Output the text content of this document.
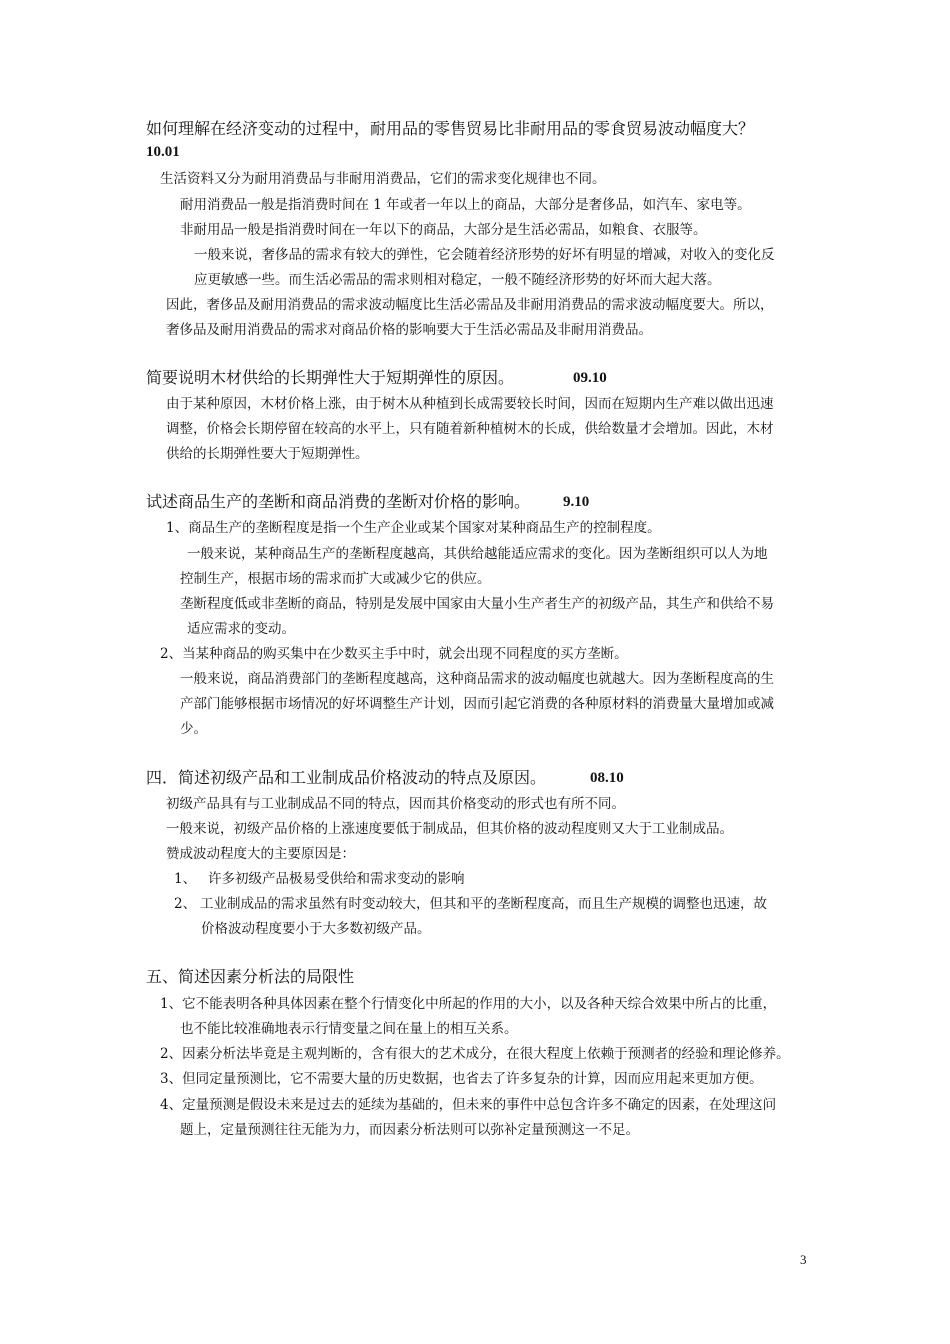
如何理解在经济变动的过程中，耐用品的零售贸易比非耐用品的零食贸易波动幅度大？
10.01
生活资料又分为耐用消费品与非耐用消费品，它们的需求变化规律也不同。
耐用消费品一般是指消费时间在 1 年或者一年以上的商品，大部分是奢侈品，如汽车、家电等。
非耐用品一般是指消费时间在一年以下的商品，大部分是生活必需品，如粮食、衣服等。
一般来说，奢侈品的需求有较大的弹性，它会随着经济形势的好坏有明显的增减，对收入的变化反
应更敏感一些。而生活必需品的需求则相对稳定，一般不随经济形势的好坏而大起大落。
因此，奢侈品及耐用消费品的需求波动幅度比生活必需品及非耐用消费品的需求波动幅度要大。所以，
奢侈品及耐用消费品的需求对商品价格的影响要大于生活必需品及非耐用消费品。
简要说明木材供给的长期弹性大于短期弹性的原因。	09.10
由于某种原因，木材价格上涨，由于树木从种植到长成需要较长时间，因而在短期内生产难以做出迅速
调整，价格会长期停留在较高的水平上，只有随着新种植树木的长成，供给数量才会增加。因此，木材
供给的长期弹性要大于短期弹性。
试述商品生产的垄断和商品消费的垄断对价格的影响。 9.10
1、商品生产的垄断程度是指一个生产企业或某个国家对某种商品生产的控制程度。
一般来说，某种商品生产的垄断程度越高，其供给越能适应需求的变化。因为垄断组织可以人为地
控制生产，根据市场的需求而扩大或减少它的供应。
垄断程度低或非垄断的商品，特别是发展中国家由大量小生产者生产的初级产品，其生产和供给不易
适应需求的变动。
2、当某种商品的购买集中在少数买主手中时，就会出现不同程度的买方垄断。
一般来说，商品消费部门的垄断程度越高，这种商品需求的波动幅度也就越大。因为垄断程度高的生
产部门能够根据市场情况的好坏调整生产计划，因而引起它消费的各种原材料的消费量大量增加或减
少。
四．简述初级产品和工业制成品价格波动的特点及原因。	08.10
初级产品具有与工业制成品不同的特点，因而其价格变动的形式也有所不同。
一般来说，初级产品价格的上涨速度要低于制成品，但其价格的波动程度则又大于工业制成品。
赞成波动程度大的主要原因是：
1、 许多初级产品极易受供给和需求变动的影响
2、 工业制成品的需求虽然有时变动较大，但其和平的垄断程度高，而且生产规模的调整也迅速，故
价格波动程度要小于大多数初级产品。
五、简述因素分析法的局限性
1、它不能表明各种具体因素在整个行情变化中所起的作用的大小，以及各种天综合效果中所占的比重，
也不能比较准确地表示行情变量之间在量上的相互关系。
2、因素分析法毕竟是主观判断的，含有很大的艺术成分，在很大程度上依赖于预测者的经验和理论修养。
3、但同定量预测比，它不需要大量的历史数据，也省去了许多复杂的计算，因而应用起来更加方便。
4、定量预测是假设未来是过去的延续为基础的，但未来的事件中总包含许多不确定的因素，在处理这问
题上，定量预测往往无能为力，而因素分析法则可以弥补定量预测这一不足。
3
